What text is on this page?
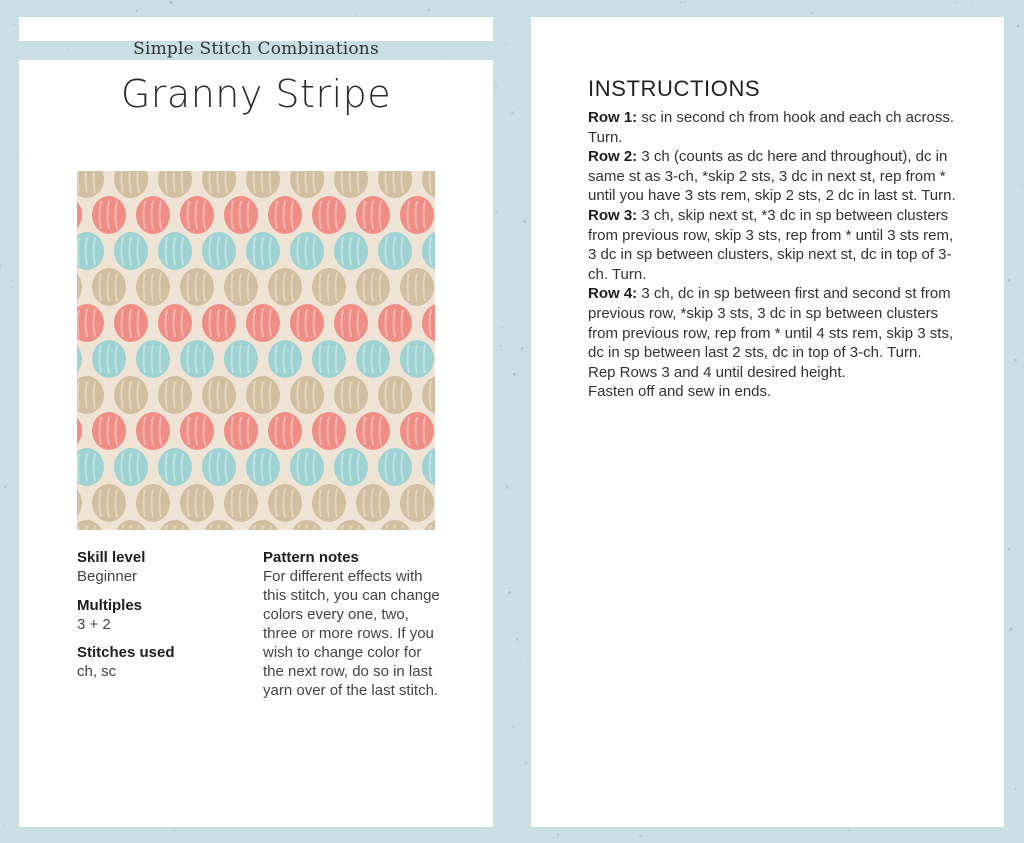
Simple Stitch Combinations
Granny Stripe
Skill level
Beginner
Multiples
3 + 2
Stitches used
ch, sc
Pattern notes
For different effects with this stitch, you can change colors every one, two, three or more rows. If you wish to change color for the next row, do so in last yarn over of the last stitch.
INSTRUCTIONS

Row 1: sc in second ch from hook and each ch across. Turn.

Row 2: 3 ch (counts as dc here and throughout), dc in same st as 3-ch, *skip 2 sts, 3 dc in next st, rep from * until you have 3 sts rem, skip 2 sts, 2 dc in last st. Turn.

Row 3: 3 ch, skip next st, *3 dc in sp between clusters from previous row, skip 3 sts, rep from * until 3 sts rem, 3 dc in sp between clusters, skip next st, dc in top of 3-ch. Turn.

Row 4: 3 ch, dc in sp between first and second st from previous row, *skip 3 sts, 3 dc in sp between clusters from previous row, rep from * until 4 sts rem, skip 3 sts, dc in sp between last 2 sts, dc in top of 3-ch. Turn.

Rep Rows 3 and 4 until desired height.

Fasten off and sew in ends.
